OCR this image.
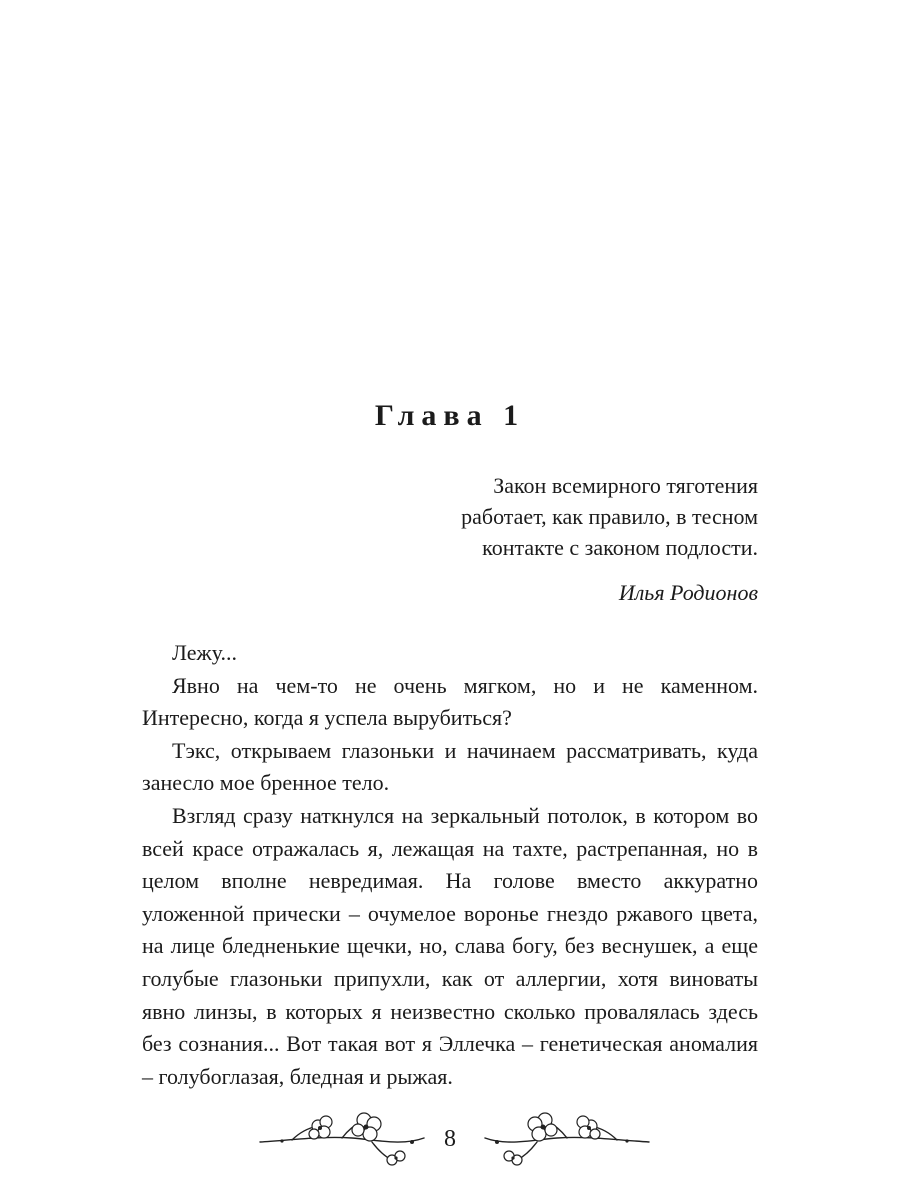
Глава 1
Закон всемирного тяготения
работает, как правило, в тесном
контакте с законом подлости.
Илья Родионов

Лежу...

Явно на чем-то не очень мягком, но и не каменном. Интересно, когда я успела вырубиться?

Тэкс, открываем глазоньки и начинаем рассматривать, куда занесло мое бренное тело.

Взгляд сразу наткнулся на зеркальный потолок, в котором во всей красе отражалась я, лежащая на тахте, растрепанная, но в целом вполне невредимая. На голове вместо аккуратно уложенной прически – очумелое воронье гнездо ржавого цвета, на лице бледненькие щечки, но, слава богу, без веснушек, а еще голубые глазоньки припухли, как от аллергии, хотя виноваты явно линзы, в которых я неизвестно сколько провалялась здесь без сознания... Вот такая вот я Эллечка – генетическая аномалия – голубоглазая, бледная и рыжая.

8
